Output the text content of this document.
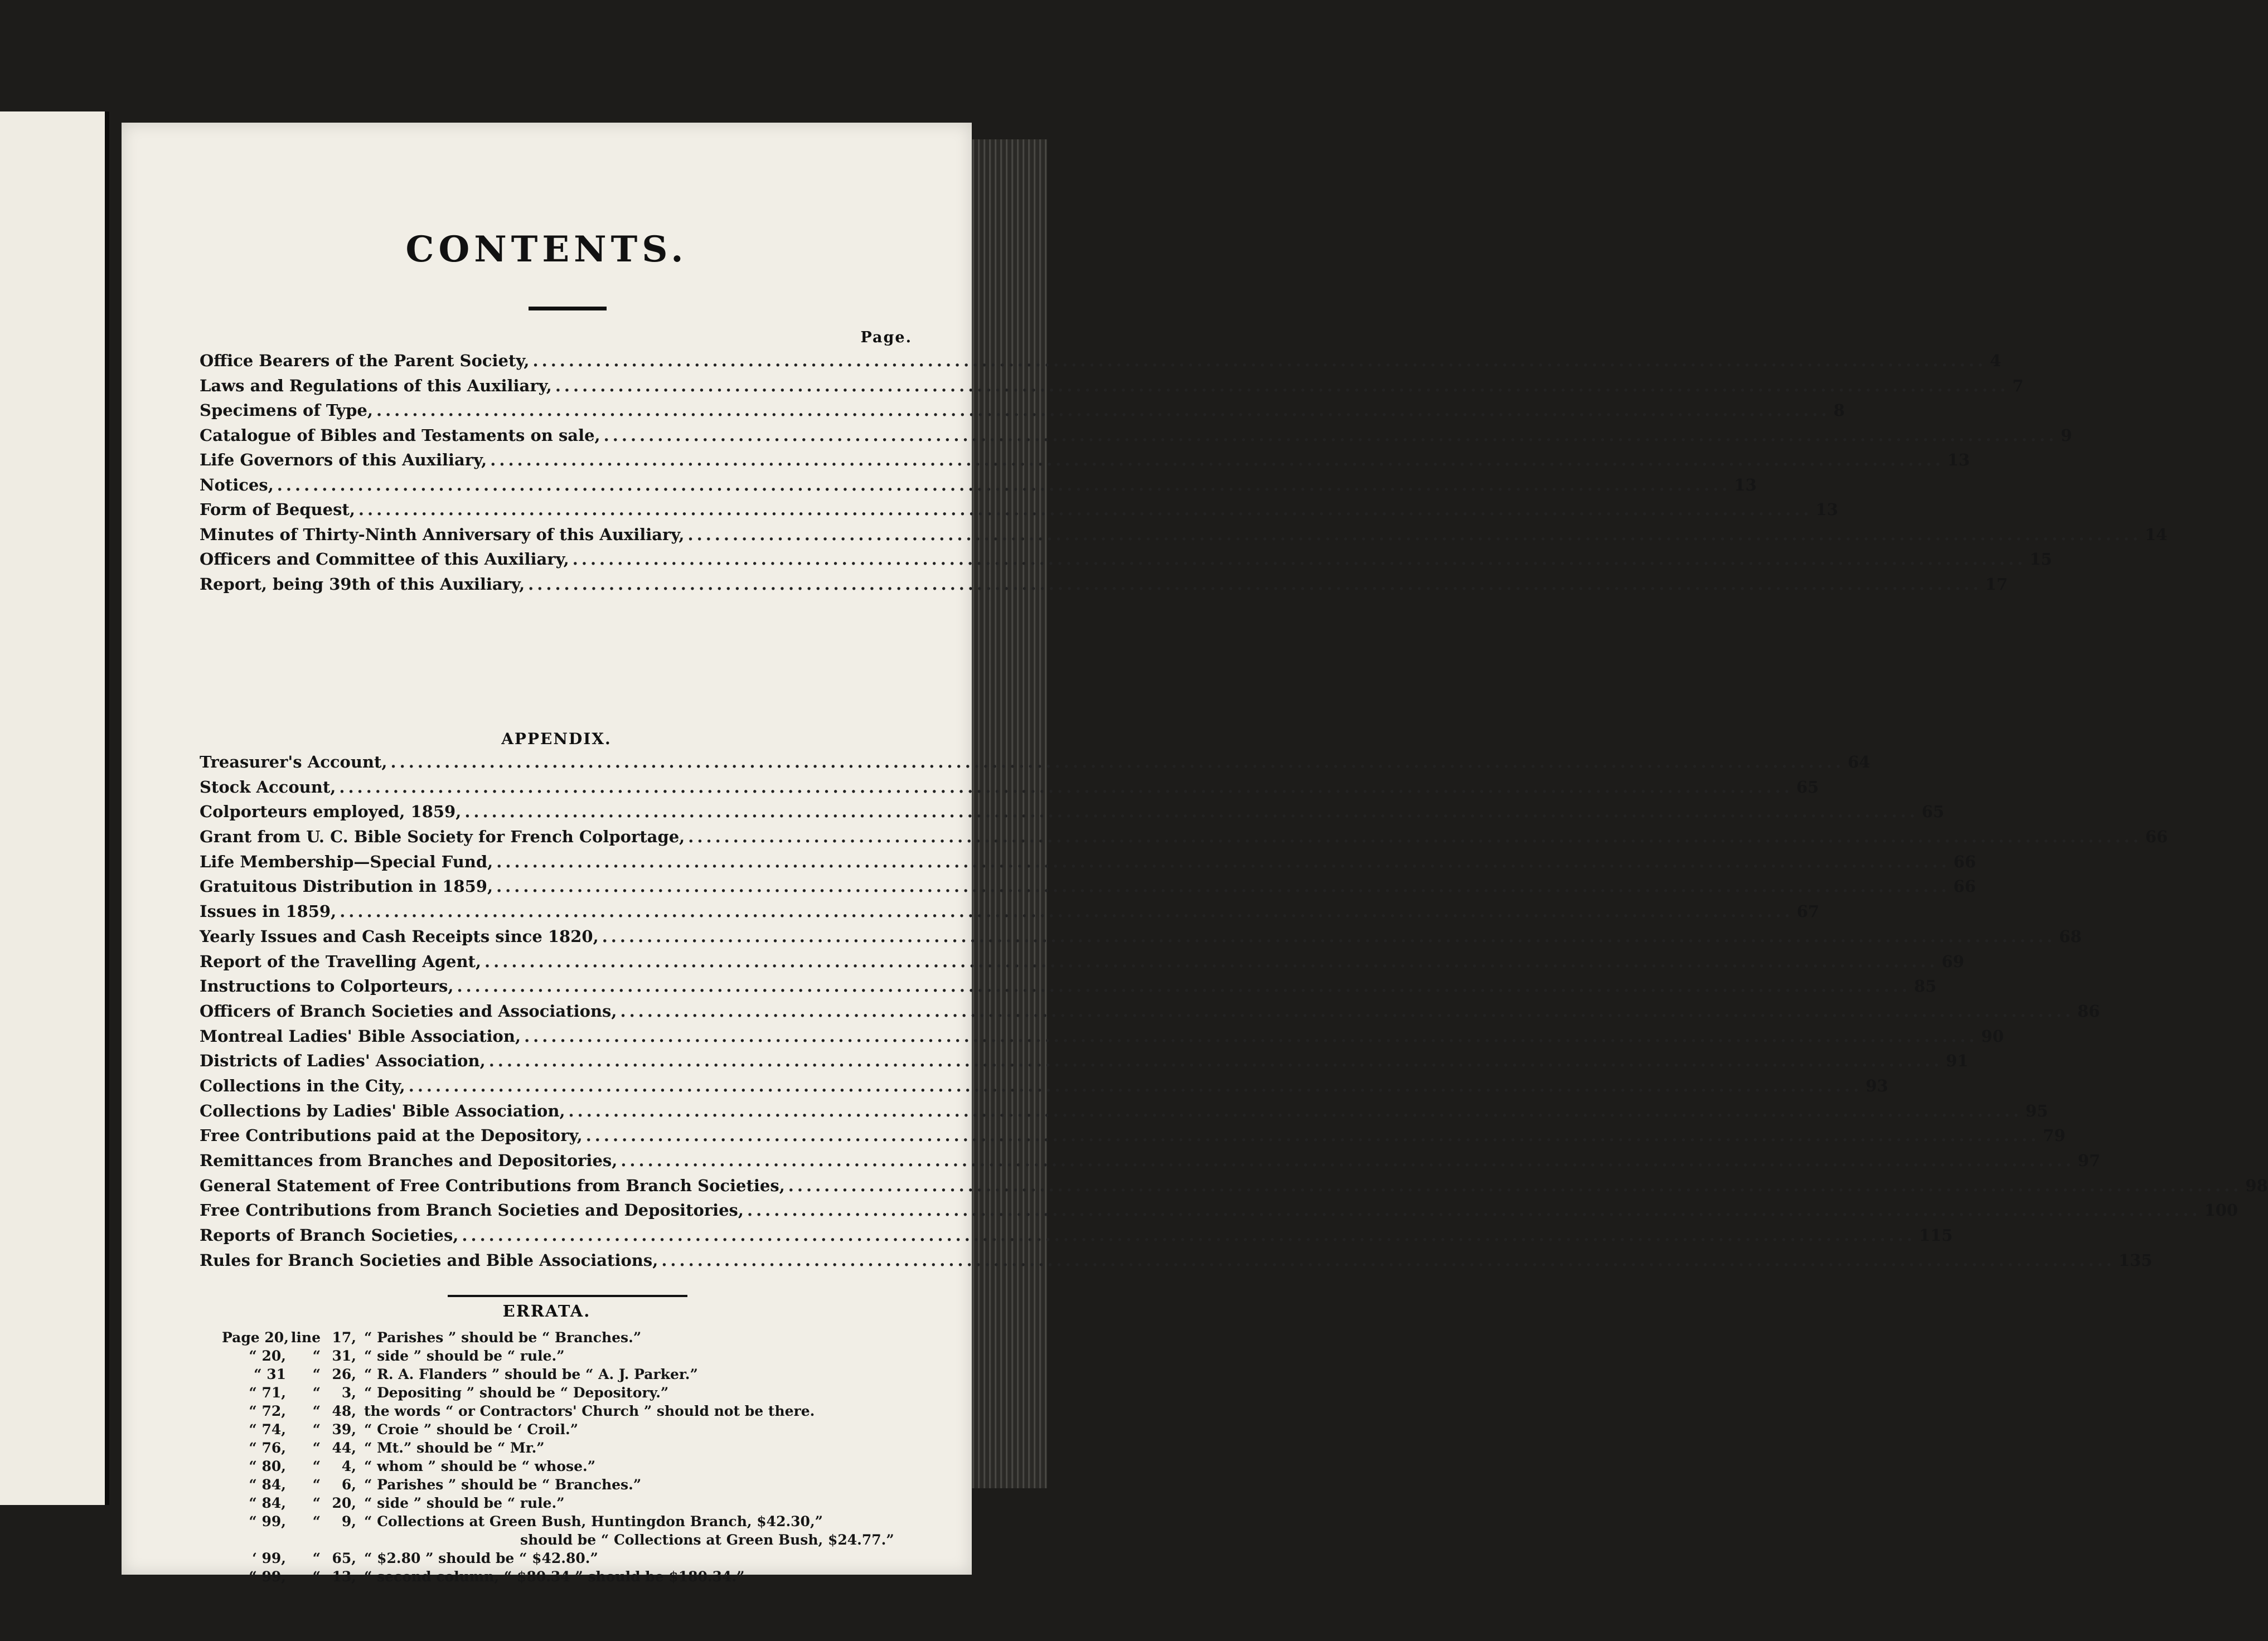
CONTENTS.
Page.
Office Bearers of the Parent Society, .................................................................................................................................................................. 4
Laws and Regulations of this Auxiliary, .................................................................................................................................................................. 7
Specimens of Type, .................................................................................................................................................................. 8
Catalogue of Bibles and Testaments on sale, .................................................................................................................................................................. 9
Life Governors of this Auxiliary, .................................................................................................................................................................. 13
Notices, .................................................................................................................................................................. 13
Form of Bequest, .................................................................................................................................................................. 13
Minutes of Thirty-Ninth Anniversary of this Auxiliary, .................................................................................................................................................................. 14
Officers and Committee of this Auxiliary, .................................................................................................................................................................. 15
Report, being 39th of this Auxiliary, .................................................................................................................................................................. 17
APPENDIX.
Treasurer's Account, .................................................................................................................................................................. 64
Stock Account, .................................................................................................................................................................. 65
Colporteurs employed, 1859, .................................................................................................................................................................. 65
Grant from U. C. Bible Society for French Colportage, .................................................................................................................................................................. 66
Life Membership—Special Fund, .................................................................................................................................................................. 66
Gratuitous Distribution in 1859, .................................................................................................................................................................. 66
Issues in 1859, .................................................................................................................................................................. 67
Yearly Issues and Cash Receipts since 1820, .................................................................................................................................................................. 68
Report of the Travelling Agent, .................................................................................................................................................................. 69
Instructions to Colporteurs, .................................................................................................................................................................. 85
Officers of Branch Societies and Associations, .................................................................................................................................................................. 86
Montreal Ladies' Bible Association, .................................................................................................................................................................. 90
Districts of Ladies' Association, .................................................................................................................................................................. 91
Collections in the City, .................................................................................................................................................................. 93
Collections by Ladies' Bible Association, .................................................................................................................................................................. 95
Free Contributions paid at the Depository, .................................................................................................................................................................. 79
Remittances from Branches and Depositories, .................................................................................................................................................................. 97
General Statement of Free Contributions from Branch Societies, .................................................................................................................................................................. 98
Free Contributions from Branch Societies and Depositories, .................................................................................................................................................................. 100
Reports of Branch Societies, .................................................................................................................................................................. 115
Rules for Branch Societies and Bible Associations, .................................................................................................................................................................. 135
ERRATA.
Page 20, line 17, “ Parishes ” should be “ Branches.”
“ 20,	“ 31, “ side ” should be “ rule.”
“ 31	“ 26, “ R. A. Flanders ” should be “ A. J. Parker.”
“ 71,	“	3, “ Depositing ” should be “ Depository.”
“ 72,	“ 48, the words “ or Contractors' Church ” should not be there.
“ 74,	“ 39, “ Croie ” should be ‘ Croil.”
“ 76,	“ 44, “ Mt.” should be “ Mr.”
“ 80,	“	4, “ whom ” should be “ whose.”
“ 84,	“	6, “ Parishes ” should be “ Branches.”
“ 84,	“ 20, “ side ” should be “ rule.”
“ 99,	“	9, “ Collections at Green Bush, Huntingdon Branch, $42.30,”
should be “ Collections at Green Bush, $24.77.”
‘ 99,	“ 65, “ $2.80 ” should be “ $42.80.”
“ 99,	“ 13, “ second column, “ $80.34 ” should be $180.34.”
